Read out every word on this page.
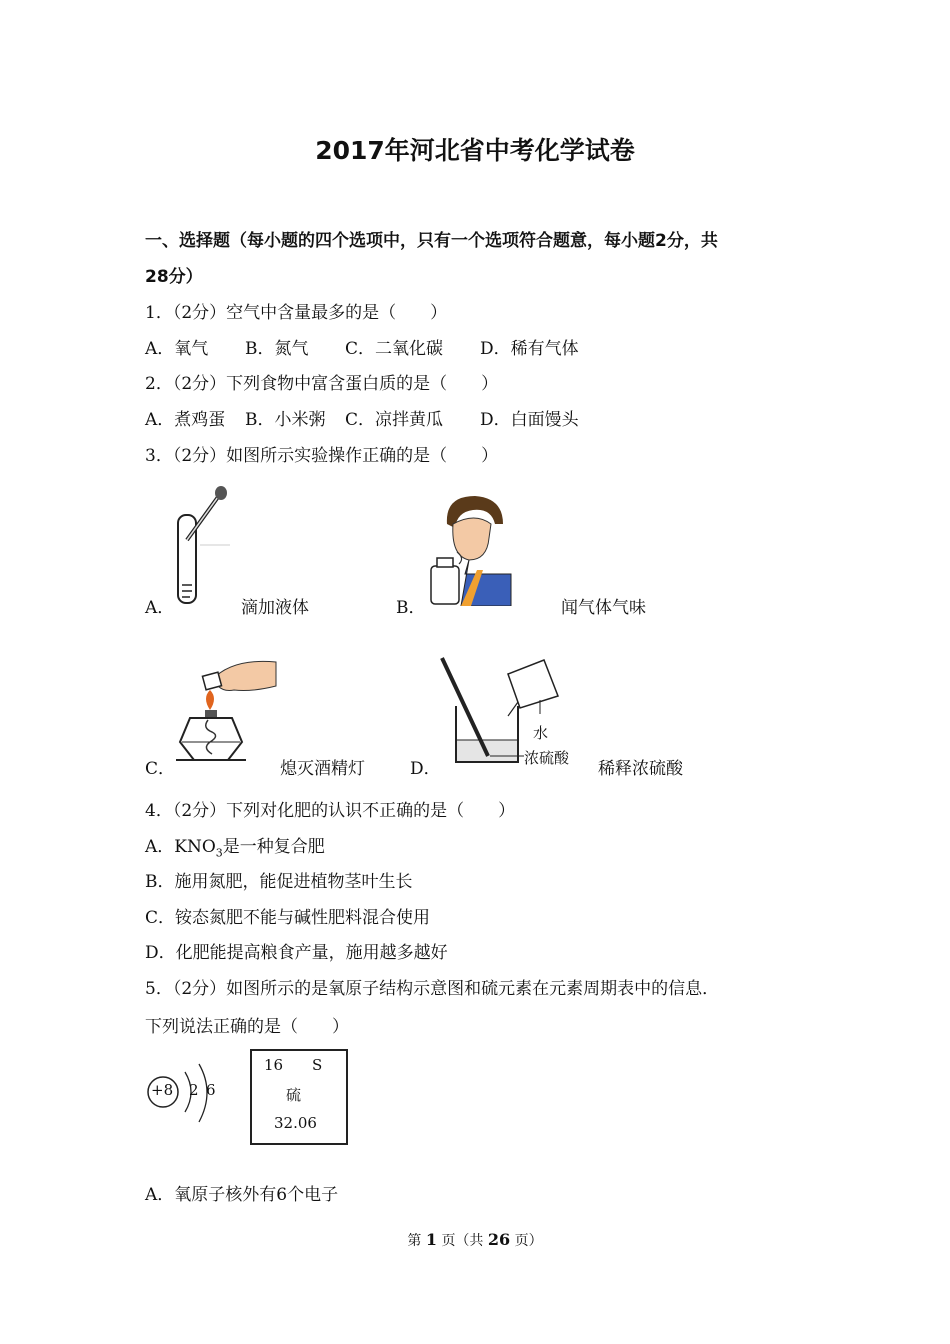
2017年河北省中考化学试卷
一、选择题（每小题的四个选项中，只有一个选项符合题意，每小题2分，共
28分）
1．（2分）空气中含量最多的是（　　）
A．氧气 B．氮气 C．二氧化碳 D．稀有气体
2．（2分）下列食物中富含蛋白质的是（　　）
A．煮鸡蛋 B．小米粥 C．凉拌黄瓜 D．白面馒头
3．（2分）如图所示实验操作正确的是（　　）
A．	滴加液体	B．	闻气体气味
C．	熄灭酒精灯
水
浓硫酸
D．	稀释浓硫酸
4．（2分）下列对化肥的认识不正确的是（　　）
A．$KNO_3$是一种复合肥
B．施用氮肥，能促进植物茎叶生长
C．铵态氮肥不能与碱性肥料混合使用
D．化肥能提高粮食产量，施用越多越好
5．（2分）如图所示的是氧原子结构示意图和硫元素在元素周期表中的信息．
下列说法正确的是（　　）
+8 2 6
16 S
硫
32.06
A．氧原子核外有6个电子
第 1 页（共 26 页）
